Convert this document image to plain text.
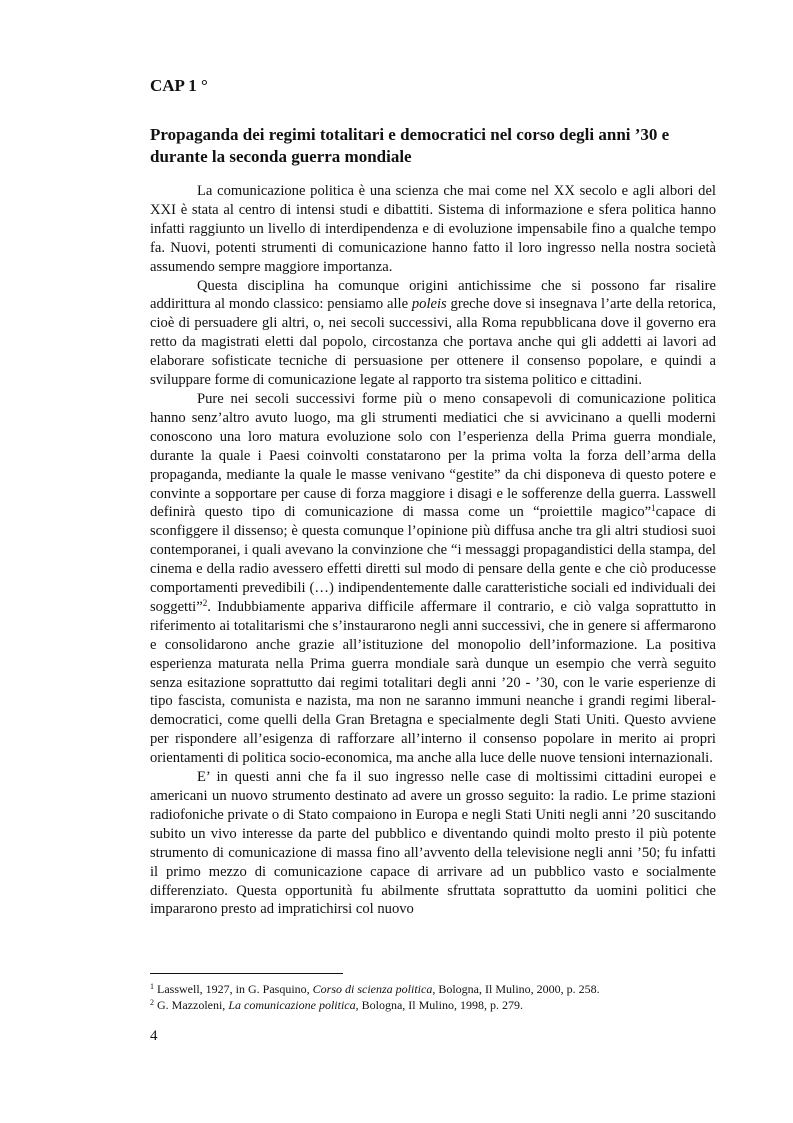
CAP 1 °
Propaganda dei regimi totalitari e democratici nel corso degli anni ’30 e durante la seconda guerra mondiale

La comunicazione politica è una scienza che mai come nel XX secolo e agli albori del XXI è stata al centro di intensi studi e dibattiti. Sistema di informazione e sfera politica hanno infatti raggiunto un livello di interdipendenza e di evoluzione impensabile fino a qualche tempo fa. Nuovi, potenti strumenti di comunicazione hanno fatto il loro ingresso nella nostra società assumendo sempre maggiore importanza.

Questa disciplina ha comunque origini antichissime che si possono far risalire addirittura al mondo classico: pensiamo alle poleis greche dove si insegnava l’arte della retorica, cioè di persuadere gli altri, o, nei secoli successivi, alla Roma repubblicana dove il governo era retto da magistrati eletti dal popolo, circostanza che portava anche qui gli addetti ai lavori ad elaborare sofisticate tecniche di persuasione per ottenere il consenso popolare, e quindi a sviluppare forme di comunicazione legate al rapporto tra sistema politico e cittadini.

Pure nei secoli successivi forme più o meno consapevoli di comunicazione politica hanno senz’altro avuto luogo, ma gli strumenti mediatici che si avvicinano a quelli moderni conoscono una loro matura evoluzione solo con l’esperienza della Prima guerra mondiale, durante la quale i Paesi coinvolti constatarono per la prima volta la forza dell’arma della propaganda, mediante la quale le masse venivano “gestite” da chi disponeva di questo potere e convinte a sopportare per cause di forza maggiore i disagi e le sofferenze della guerra. Lasswell definirà questo tipo di comunicazione di massa come un “proiettile magico”$^1$capace di sconfiggere il dissenso; è questa comunque l’opinione più diffusa anche tra gli altri studiosi suoi contemporanei, i quali avevano la convinzione che “i messaggi propagandistici della stampa, del cinema e della radio avessero effetti diretti sul modo di pensare della gente e che ciò producesse comportamenti prevedibili (…) indipendentemente dalle caratteristiche sociali ed individuali dei soggetti”$^2$. Indubbiamente appariva difficile affermare il contrario, e ciò valga soprattutto in riferimento ai totalitarismi che s’instaurarono negli anni successivi, che in genere si affermarono e consolidarono anche grazie all’istituzione del monopolio dell’informazione. La positiva esperienza maturata nella Prima guerra mondiale sarà dunque un esempio che verrà seguito senza esitazione soprattutto dai regimi totalitari degli anni ’20 - ’30, con le varie esperienze di tipo fascista, comunista e nazista, ma non ne saranno immuni neanche i grandi regimi liberal-democratici, come quelli della Gran Bretagna e specialmente degli Stati Uniti. Questo avviene per rispondere all’esigenza di rafforzare all’interno il consenso popolare in merito ai propri orientamenti di politica socio-economica, ma anche alla luce delle nuove tensioni internazionali.

E’ in questi anni che fa il suo ingresso nelle case di moltissimi cittadini europei e americani un nuovo strumento destinato ad avere un grosso seguito: la radio. Le prime stazioni radiofoniche private o di Stato compaiono in Europa e negli Stati Uniti negli anni ’20 suscitando subito un vivo interesse da parte del pubblico e diventando quindi molto presto il più potente strumento di comunicazione di massa fino all’avvento della televisione negli anni ’50; fu infatti il primo mezzo di comunicazione capace di arrivare ad un pubblico vasto e socialmente differenziato. Questa opportunità fu abilmente sfruttata soprattutto da uomini politici che impararono presto ad impratichirsi col nuovo

$^1$ Lasswell, 1927, in G. Pasquino, Corso di scienza politica, Bologna, Il Mulino, 2000, p. 258.
$^2$ G. Mazzoleni, La comunicazione politica, Bologna, Il Mulino, 1998, p. 279.
4
